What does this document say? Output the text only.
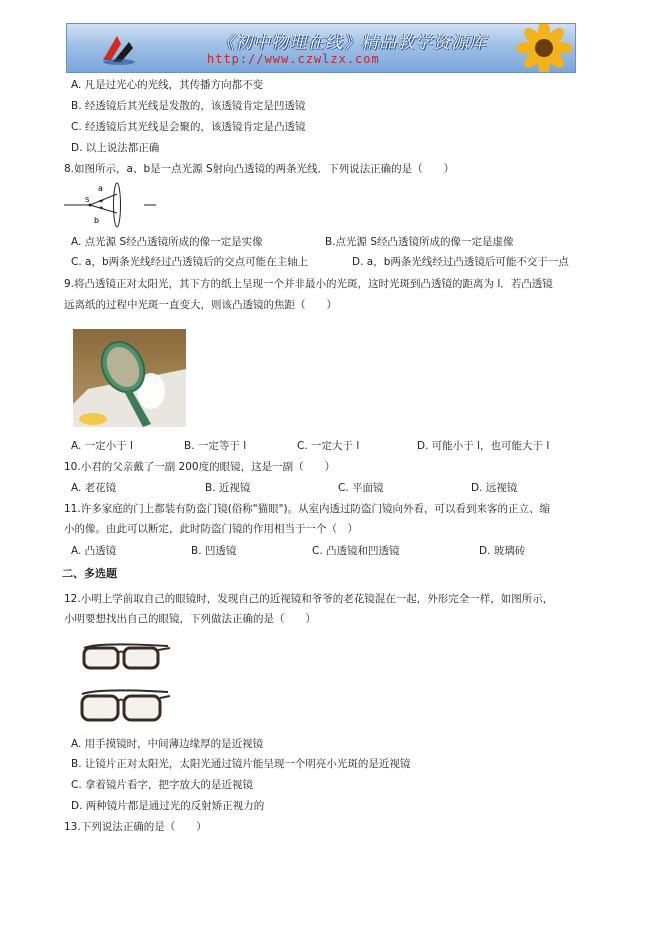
《初中物理在线》精品教学资源库
http://www.czwlzx.com
A. 凡是过光心的光线，其传播方向都不变
B. 经透镜后其光线是发散的，该透镜肯定是凹透镜
C. 经透镜后其光线是会聚的，该透镜肯定是凸透镜
D. 以上说法都正确
8.如图所示，a、b是一点光源 S射向凸透镜的两条光线．下列说法正确的是（　　）
a
S
b
A. 点光源 S经凸透镜所成的像一定是实像	B.点光源 S经凸透镜所成的像一定是虚像
C. a，b两条光线经过凸透镜后的交点可能在主轴上	D. a，b两条光线经过凸透镜后可能不交于一点
9.将凸透镜正对太阳光，其下方的纸上呈现一个并非最小的光斑，这时光斑到凸透镜的距离为 l．若凸透镜
远离纸的过程中光斑一直变大，则该凸透镜的焦距（　　）
A. 一定小于 l	B. 一定等于 l	C. 一定大于 l	D. 可能小于 l，也可能大于 l
10.小君的父亲戴了一副 200度的眼镜，这是一副（　　）
A. 老花镜	B. 近视镜	C. 平面镜	D. 远视镜
11.许多家庭的门上都装有防盗门镜(俗称"猫眼")。从室内透过防盗门镜向外看，可以看到来客的正立、缩
小的像。由此可以断定，此时防盗门镜的作用相当于一个（　）
A. 凸透镜	B. 凹透镜	C. 凸透镜和凹透镜	D. 玻璃砖
二、多选题
12.小明上学前取自己的眼镜时，发现自己的近视镜和爷爷的老花镜混在一起，外形完全一样，如图所示，
小明要想找出自己的眼镜，下列做法正确的是（　　）
A. 用手摸镜时，中间薄边缘厚的是近视镜
B. 让镜片正对太阳光，太阳光通过镜片能呈现一个明亮小光斑的是近视镜
C. 拿着镜片看字，把字放大的是近视镜
D. 两种镜片都是通过光的反射矫正视力的
13.下列说法正确的是（　　）
